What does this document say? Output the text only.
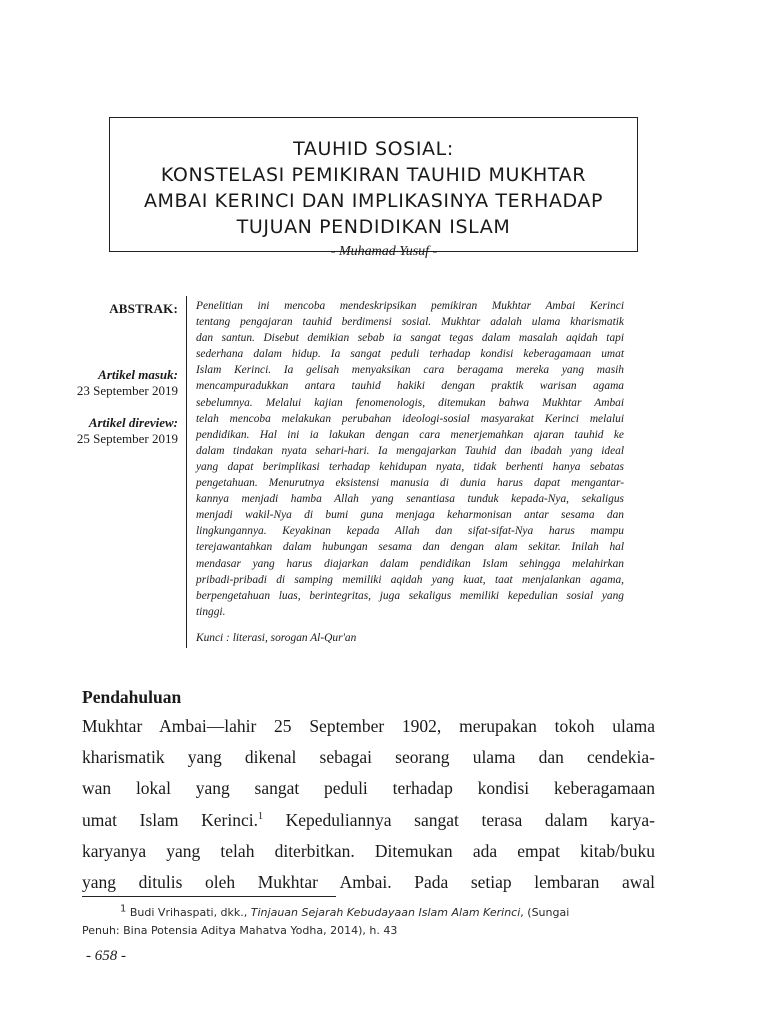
TAUHID SOSIAL:
KONSTELASI PEMIKIRAN TAUHID MUKHTAR
AMBAI KERINCI DAN IMPLIKASINYA TERHADAP
TUJUAN PENDIDIKAN ISLAM
- Muhamad Yusuf -
ABSTRAK:
Artikel masuk:
23 September 2019
Artikel direview:
25 September 2019
Penelitian ini mencoba mendeskripsikan pemikiran Mukhtar Ambai Kerinci
tentang pengajaran tauhid berdimensi sosial. Mukhtar adalah ulama kharismatik
dan santun. Disebut demikian sebab ia sangat tegas dalam masalah aqidah tapi
sederhana dalam hidup. Ia sangat peduli terhadap kondisi keberagamaan umat
Islam Kerinci. Ia gelisah menyaksikan cara beragama mereka yang masih
mencampuradukkan antara tauhid hakiki dengan praktik warisan agama
sebelumnya. Melalui kajian fenomenologis, ditemukan bahwa Mukhtar Ambai
telah mencoba melakukan perubahan ideologi-sosial masyarakat Kerinci melalui
pendidikan. Hal ini ia lakukan dengan cara menerjemahkan ajaran tauhid ke
dalam tindakan nyata sehari-hari. Ia mengajarkan Tauhid dan ibadah yang ideal
yang dapat berimplikasi terhadap kehidupan nyata, tidak berhenti hanya sebatas
pengetahuan. Menurutnya eksistensi manusia di dunia harus dapat mengantar-
kannya menjadi hamba Allah yang senantiasa tunduk kepada-Nya, sekaligus
menjadi wakil-Nya di bumi guna menjaga keharmonisan antar sesama dan
lingkungannya. Keyakinan kepada Allah dan sifat-sifat-Nya harus mampu
terejawantahkan dalam hubungan sesama dan dengan alam sekitar. Inilah hal
mendasar yang harus diajarkan dalam pendidikan Islam sehingga melahirkan
pribadi-pribadi di samping memiliki aqidah yang kuat, taat menjalankan agama,
berpengetahuan luas, berintegritas, juga sekaligus memiliki kepedulian sosial yang
tinggi.
Kunci : literasi, sorogan Al-Qur'an
Pendahuluan
Mukhtar Ambai—lahir 25 September 1902, merupakan tokoh ulama
kharismatik yang dikenal sebagai seorang ulama dan cendekia-
wan lokal yang sangat peduli terhadap kondisi keberagamaan
umat Islam Kerinci.$^1$ Kepeduliannya sangat terasa dalam karya-
karyanya yang telah diterbitkan. Ditemukan ada empat kitab/buku
yang ditulis oleh Mukhtar Ambai. Pada setiap lembaran awal
$^1$ Budi Vrihaspati, dkk., Tinjauan Sejarah Kebudayaan Islam Alam Kerinci, (Sungai
Penuh: Bina Potensia Aditya Mahatva Yodha, 2014), h. 43
- 658 -
